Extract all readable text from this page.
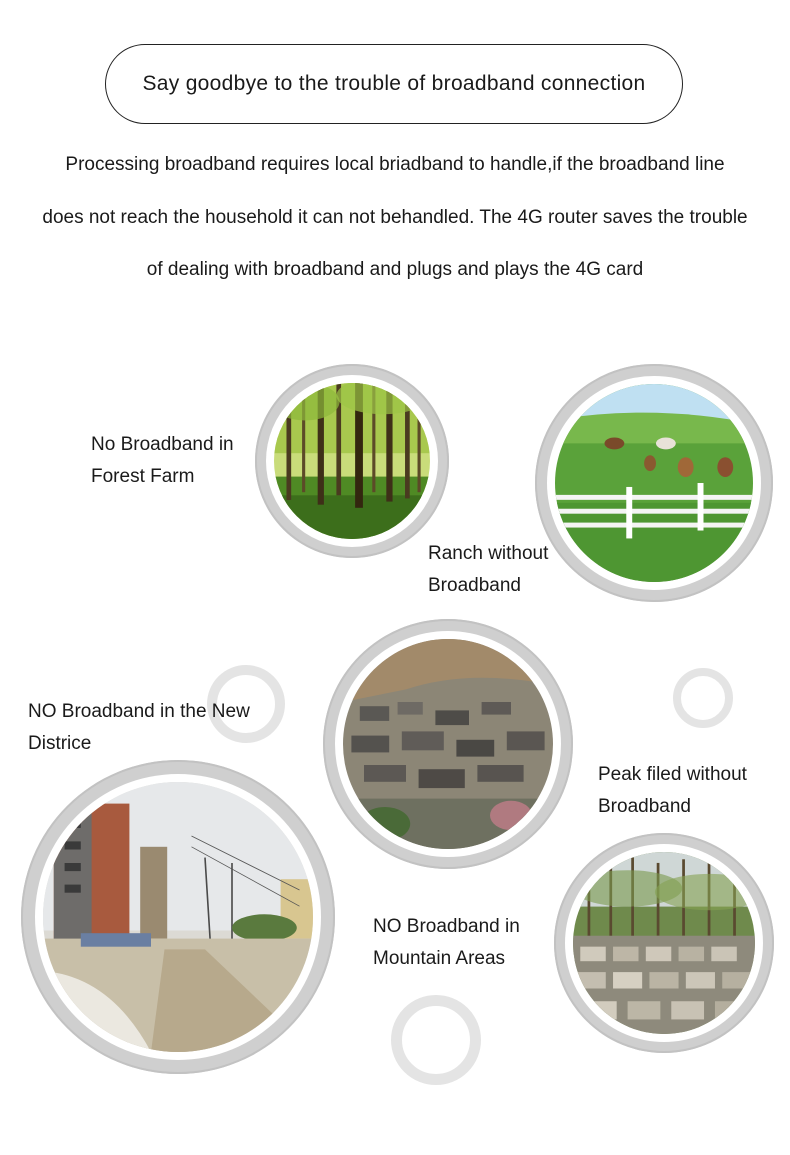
Say goodbye to the trouble of broadband connection
Processing broadband requires local briadband to handle,if the broadband line
does not reach the household it can not behandled. The 4G router saves the trouble
of dealing with broadband and plugs and plays the 4G card
No Broadband in
Forest Farm
Ranch without
Broadband
NO Broadband in the New
Districe
Peak filed without
Broadband
NO Broadband in
Mountain Areas
